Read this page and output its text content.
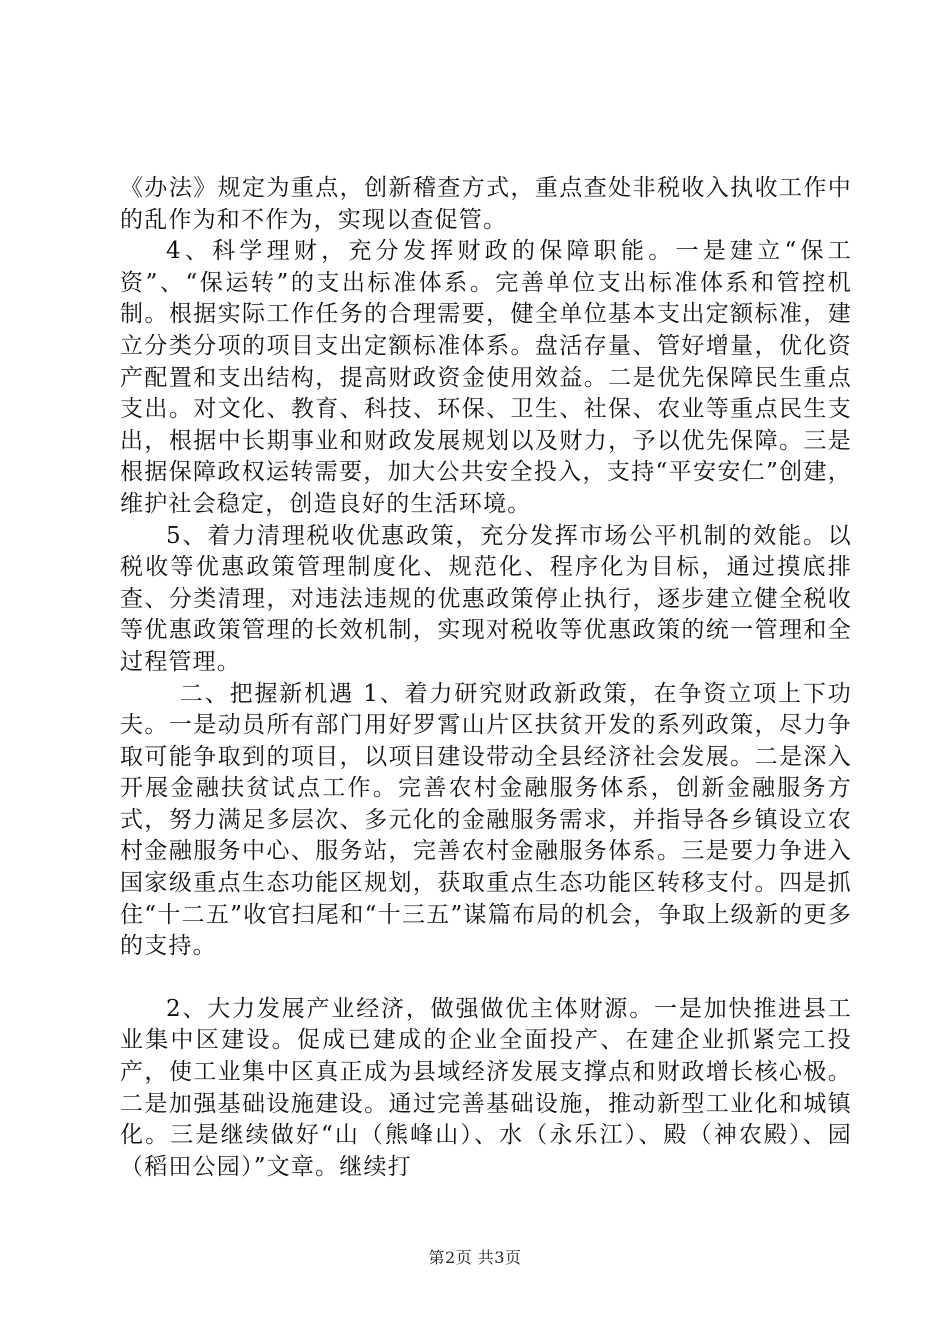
《办法》规定为重点，创新稽查方式，重点查处非税收入执收工作中的乱作为和不作为，实现以查促管。

4、科学理财，充分发挥财政的保障职能。一是建立“保工资”、“保运转”的支出标准体系。完善单位支出标准体系和管控机制。根据实际工作任务的合理需要，健全单位基本支出定额标准，建立分类分项的项目支出定额标准体系。盘活存量、管好增量，优化资产配置和支出结构，提高财政资金使用效益。二是优先保障民生重点支出。对文化、教育、科技、环保、卫生、社保、农业等重点民生支出，根据中长期事业和财政发展规划以及财力，予以优先保障。三是根据保障政权运转需要，加大公共安全投入，支持“平安安仁”创建，维护社会稳定，创造良好的生活环境。

5、着力清理税收优惠政策，充分发挥市场公平机制的效能。以税收等优惠政策管理制度化、规范化、程序化为目标，通过摸底排查、分类清理，对违法违规的优惠政策停止执行，逐步建立健全税收等优惠政策管理的长效机制，实现对税收等优惠政策的统一管理和全过程管理。

二、把握新机遇 1、着力研究财政新政策，在争资立项上下功夫。一是动员所有部门用好罗霄山片区扶贫开发的系列政策，尽力争取可能争取到的项目，以项目建设带动全县经济社会发展。二是深入开展金融扶贫试点工作。完善农村金融服务体系，创新金融服务方式，努力满足多层次、多元化的金融服务需求，并指导各乡镇设立农村金融服务中心、服务站，完善农村金融服务体系。三是要力争进入国家级重点生态功能区规划，获取重点生态功能区转移支付。四是抓住“十二五”收官扫尾和“十三五”谋篇布局的机会，争取上级新的更多的支持。

2、大力发展产业经济，做强做优主体财源。一是加快推进县工业集中区建设。促成已建成的企业全面投产、在建企业抓紧完工投产，使工业集中区真正成为县域经济发展支撑点和财政增长核心极。二是加强基础设施建设。通过完善基础设施，推动新型工业化和城镇化。三是继续做好“山（熊峰山）、水（永乐江）、殿（神农殿）、园（稻田公园）”文章。继续打

第2页 共3页
